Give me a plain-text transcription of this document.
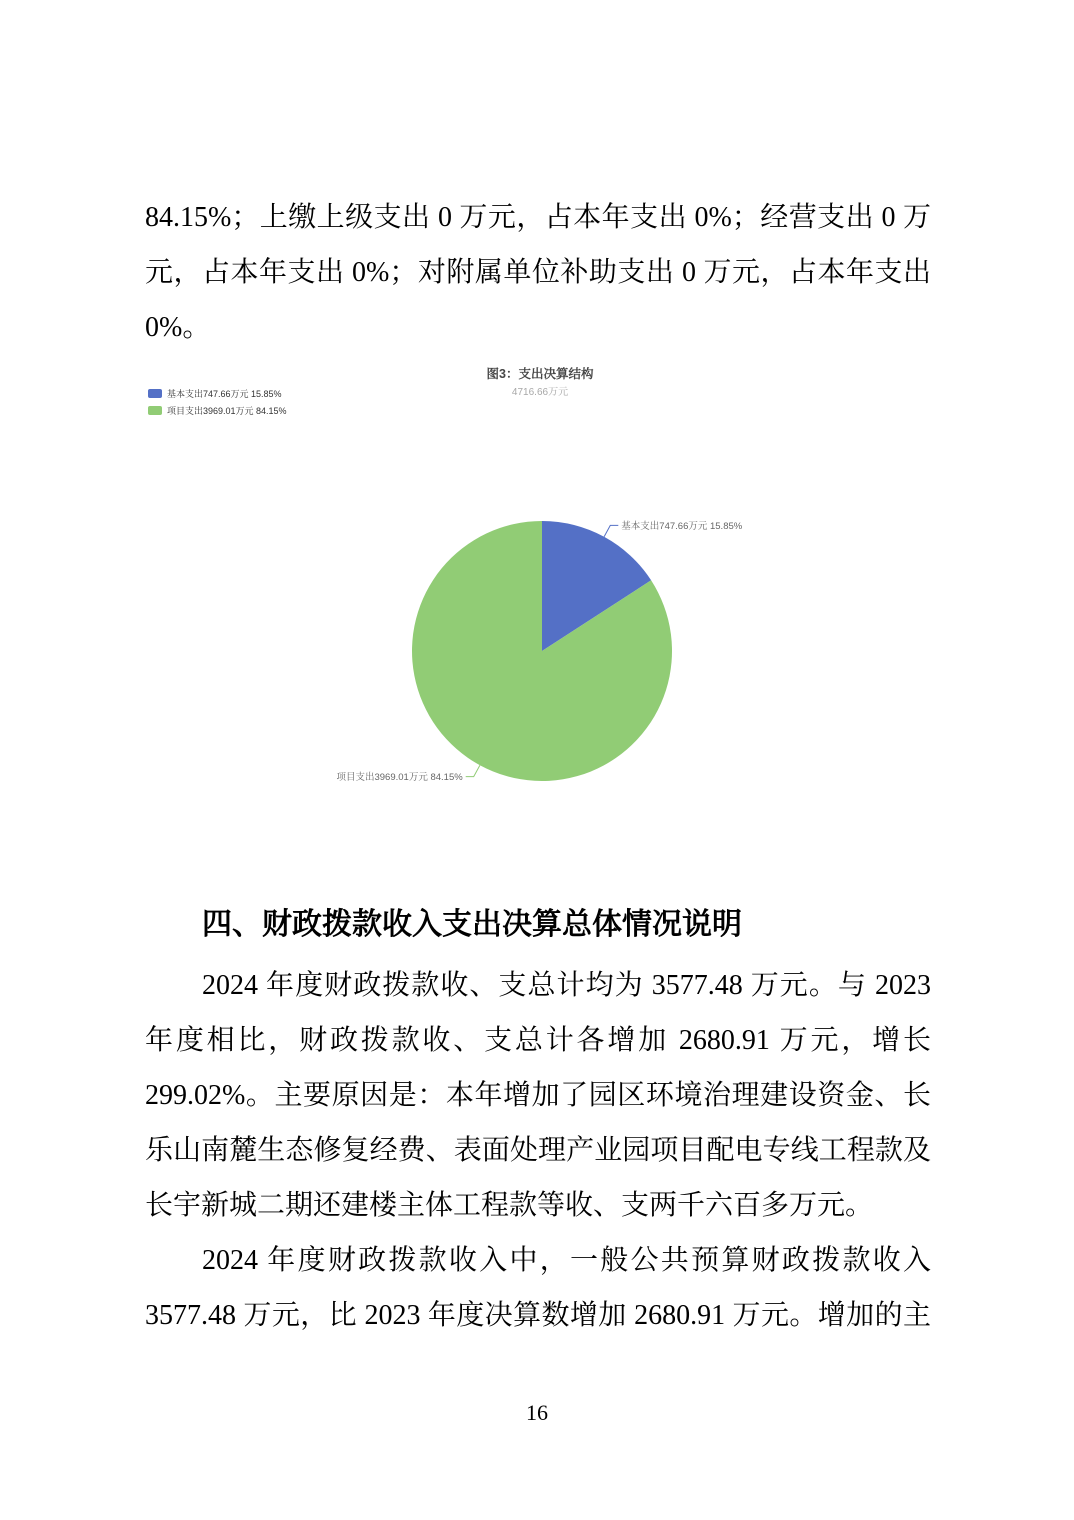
84.15%；上缴上级支出 0 万元，占本年支出 0%；经营支出 0 万
元，占本年支出 0%；对附属单位补助支出 0 万元，占本年支出
0%。
图3：支出决算结构
4716.66万元
基本支出747.66万元 15.85%
项目支出3969.01万元 84.15%
基本支出747.66万元 15.85%
项目支出3969.01万元 84.15%
四、财政拨款收入支出决算总体情况说明
2024 年度财政拨款收、支总计均为 3577.48 万元。与 2023
年度相比，财政拨款收、支总计各增加 2680.91 万元，增长
299.02%。主要原因是：本年增加了园区环境治理建设资金、长
乐山南麓生态修复经费、表面处理产业园项目配电专线工程款及
长宇新城二期还建楼主体工程款等收、支两千六百多万元。
2024 年度财政拨款收入中，一般公共预算财政拨款收入
3577.48 万元，比 2023 年度决算数增加 2680.91 万元。增加的主
16
